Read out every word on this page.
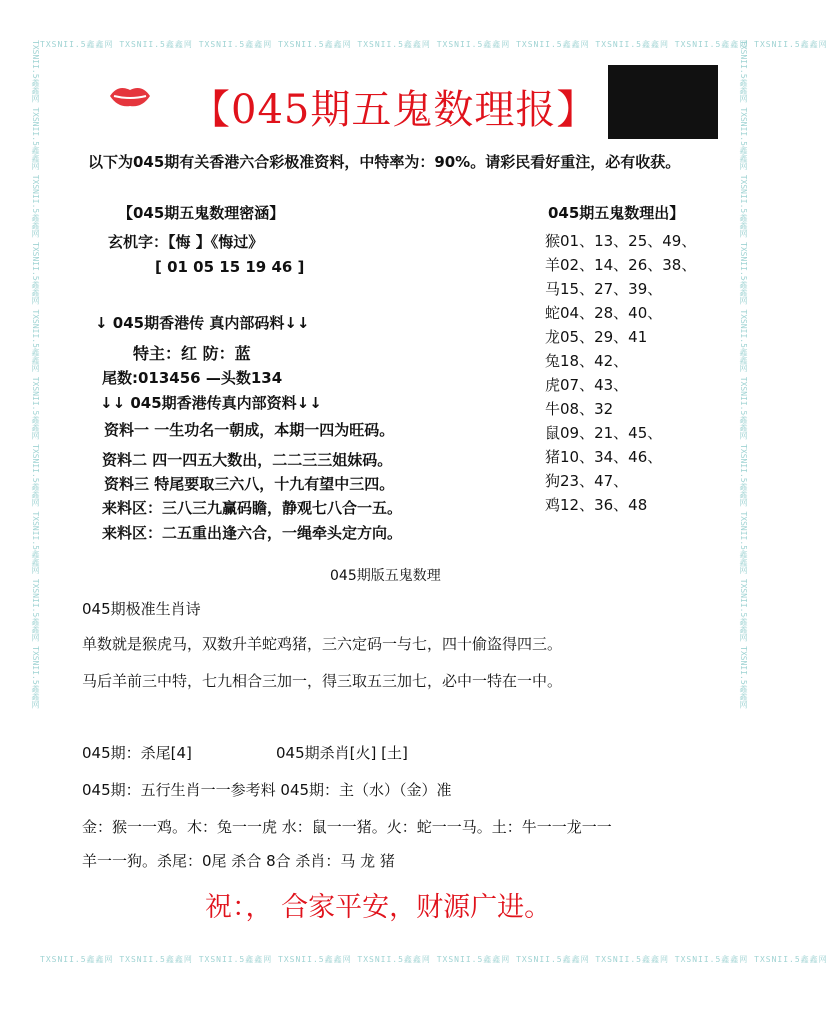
TXSNII.5鑫鑫网 TXSNII.5鑫鑫网 TXSNII.5鑫鑫网 TXSNII.5鑫鑫网 TXSNII.5鑫鑫网 TXSNII.5鑫鑫网 TXSNII.5鑫鑫网 TXSNII.5鑫鑫网 TXSNII.5鑫鑫网 TXSNII.5鑫鑫网
TXSNII.5鑫鑫网 TXSNII.5鑫鑫网 TXSNII.5鑫鑫网 TXSNII.5鑫鑫网 TXSNII.5鑫鑫网 TXSNII.5鑫鑫网 TXSNII.5鑫鑫网 TXSNII.5鑫鑫网 TXSNII.5鑫鑫网 TXSNII.5鑫鑫网
TXSNII.5鑫鑫网 TXSNII.5鑫鑫网 TXSNII.5鑫鑫网 TXSNII.5鑫鑫网 TXSNII.5鑫鑫网 TXSNII.5鑫鑫网 TXSNII.5鑫鑫网 TXSNII.5鑫鑫网 TXSNII.5鑫鑫网 TXSNII.5鑫鑫网	TXSNII.5鑫鑫网 TXSNII.5鑫鑫网 TXSNII.5鑫鑫网 TXSNII.5鑫鑫网 TXSNII.5鑫鑫网 TXSNII.5鑫鑫网 TXSNII.5鑫鑫网 TXSNII.5鑫鑫网 TXSNII.5鑫鑫网 TXSNII.5鑫鑫网
【045期五鬼数理报】
以下为045期有关香港六合彩极准资料，中特率为：90%。请彩民看好重注，必有收获。
【045期五鬼数理密涵】
玄机字：【悔 】《悔过》
[ 01 05 15 19 46 ]
↓ 045期香港传 真内部码料↓↓
特主：红 防：蓝
尾数:013456 —头数134
↓↓ 045期香港传真内部资料↓↓
资料一 一生功名一朝成，本期一四为旺码。
资料二 四一四五大数出，二二三三姐妹码。
资料三 特尾要取三六八，十九有望中三四。
来料区：三八三九赢码瞻，静观七八合一五。
来料区：二五重出逢六合，一绳牵头定方向。
045期五鬼数理出】
猴01、13、25、49、
羊02、14、26、38、
马15、27、39、
蛇04、28、40、
龙05、29、41
兔18、42、
虎07、43、
牛08、32
鼠09、21、45、
猪10、34、46、
狗23、47、
鸡12、36、48
045期版五鬼数理
045期极准生肖诗
单数就是猴虎马，双数升羊蛇鸡猪，三六定码一与七，四十偷盗得四三。
马后羊前三中特，七九相合三加一，得三取五三加七，必中一特在一中。
045期：杀尾[4]	045期杀肖[火] [土]
045期：五行生肖一一参考料 045期：主（水）（金）准
金：猴一一鸡。木：兔一一虎 水：鼠一一猪。火：蛇一一马。土：牛一一龙一一
羊一一狗。杀尾：0尾 杀合 8合 杀肖：马 龙 猪
祝：， 合家平安，财源广进。
